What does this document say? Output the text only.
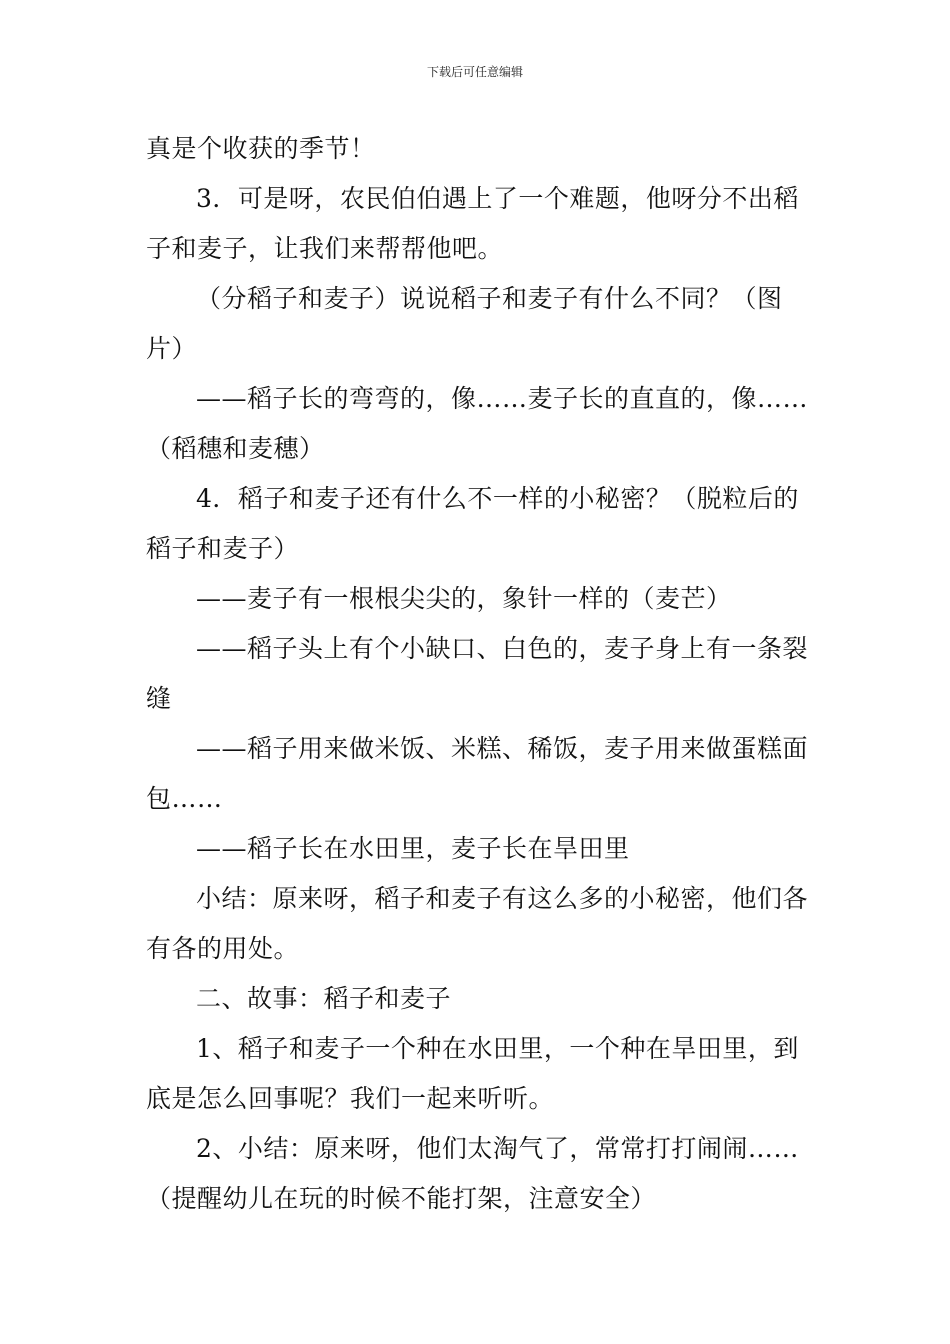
下载后可任意编辑

真是个收获的季节！

3．可是呀，农民伯伯遇上了一个难题，他呀分不出稻子和麦子，让我们来帮帮他吧。

（分稻子和麦子）说说稻子和麦子有什么不同？（图片）

——稻子长的弯弯的，像……麦子长的直直的，像……（稻穗和麦穗）

4．稻子和麦子还有什么不一样的小秘密？（脱粒后的稻子和麦子）

——麦子有一根根尖尖的，象针一样的（麦芒）

——稻子头上有个小缺口、白色的，麦子身上有一条裂缝

——稻子用来做米饭、米糕、稀饭，麦子用来做蛋糕面包……

——稻子长在水田里，麦子长在旱田里

小结：原来呀，稻子和麦子有这么多的小秘密，他们各有各的用处。

二、故事：稻子和麦子

1、稻子和麦子一个种在水田里，一个种在旱田里，到底是怎么回事呢？我们一起来听听。

2、小结：原来呀，他们太淘气了，常常打打闹闹……（提醒幼儿在玩的时候不能打架，注意安全）
